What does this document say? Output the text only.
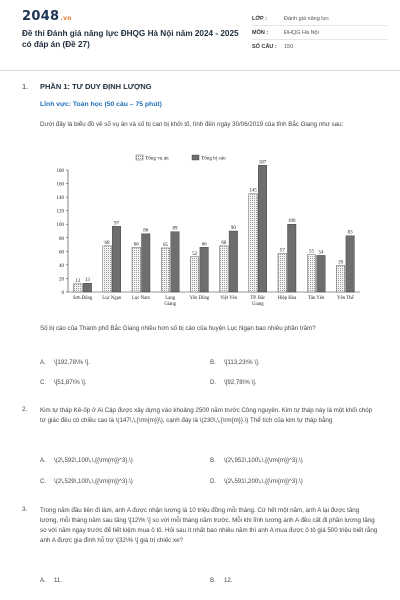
2048.vn
Đề thi Đánh giá năng lực ĐHQG Hà Nội năm 2024 - 2025 có đáp án (Đề 27)
LỚP :	Đánh giá năng lực
MÔN :	ĐHQG Hà Nội
SỐ CÂU :	150
1. PHẦN 1: TƯ DUY ĐỊNH LƯỢNG
Lĩnh vực: Toán học (50 câu – 75 phút)
Dưới đây là biểu đồ về số vụ án và số bị can bị khởi tố, tính đến ngày 30/06/2019 của tỉnh Bắc Giang như sau:
0
20
40
60
80
100
120
140
160
180
12 13
Sơn Động
68
97
Lục Ngạn
66
86
Lục Nam
65
89
Lạng
Giang
52
66
Yên Dũng
68
90
Việt Yên
145
187
TP. Bắc
Giang
57
100
Hiệp Hòa
55 54
Tân Yên
39
83
Yên Thế
Tổng vụ án	Tổng bị cáo
Số bị cáo của Thành phố Bắc Giang nhiều hơn số bị cáo của huyện Lục Ngạn bao nhiêu phần trăm?
A. \[192,78\% \].	B. \[113,23\% \].
C. \[51,87\% \].	D. \[92,78\% \].
2. Kim tự tháp Kê-ốp ở Ai Cập được xây dựng vào khoảng 2500 năm trước Công nguyên. Kim tự tháp này là một khối chóp tứ giác đều có chiều cao là \(147\,\,{\rm{m}}\), cạnh đáy là \(230\,\,{\rm{m}}.\) Thể tích của kim tự tháp bằng
A. \(2\,592\,100\,\,{{\rm{m}}^3}.\)	B. \(2\,952\,100\,\,{{\rm{m}}^3}.\)
C. \(2\,529\,100\,\,{{\rm{m}}^3}.\)	D. \(2\,591\,200\,\,{{\rm{m}}^3}.\)
3. Trong năm đầu tiên đi làm, anh A được nhận lương là 10 triệu đồng mỗi tháng. Cứ hết một năm, anh A lại được tăng lương, mỗi tháng năm sau tăng \[12\% \] so với mỗi tháng năm trước. Mỗi khi lĩnh lương anh A đều cất đi phần lương tăng so với năm ngay trước để tiết kiệm mua ô tô. Hỏi sau ít nhất bao nhiêu năm thì anh A mua được ô tô giá 500 triệu biết rằng anh A được gia đình hỗ trợ \[32\% \] giá trị chiếc xe?
A. 11.	B. 12.
